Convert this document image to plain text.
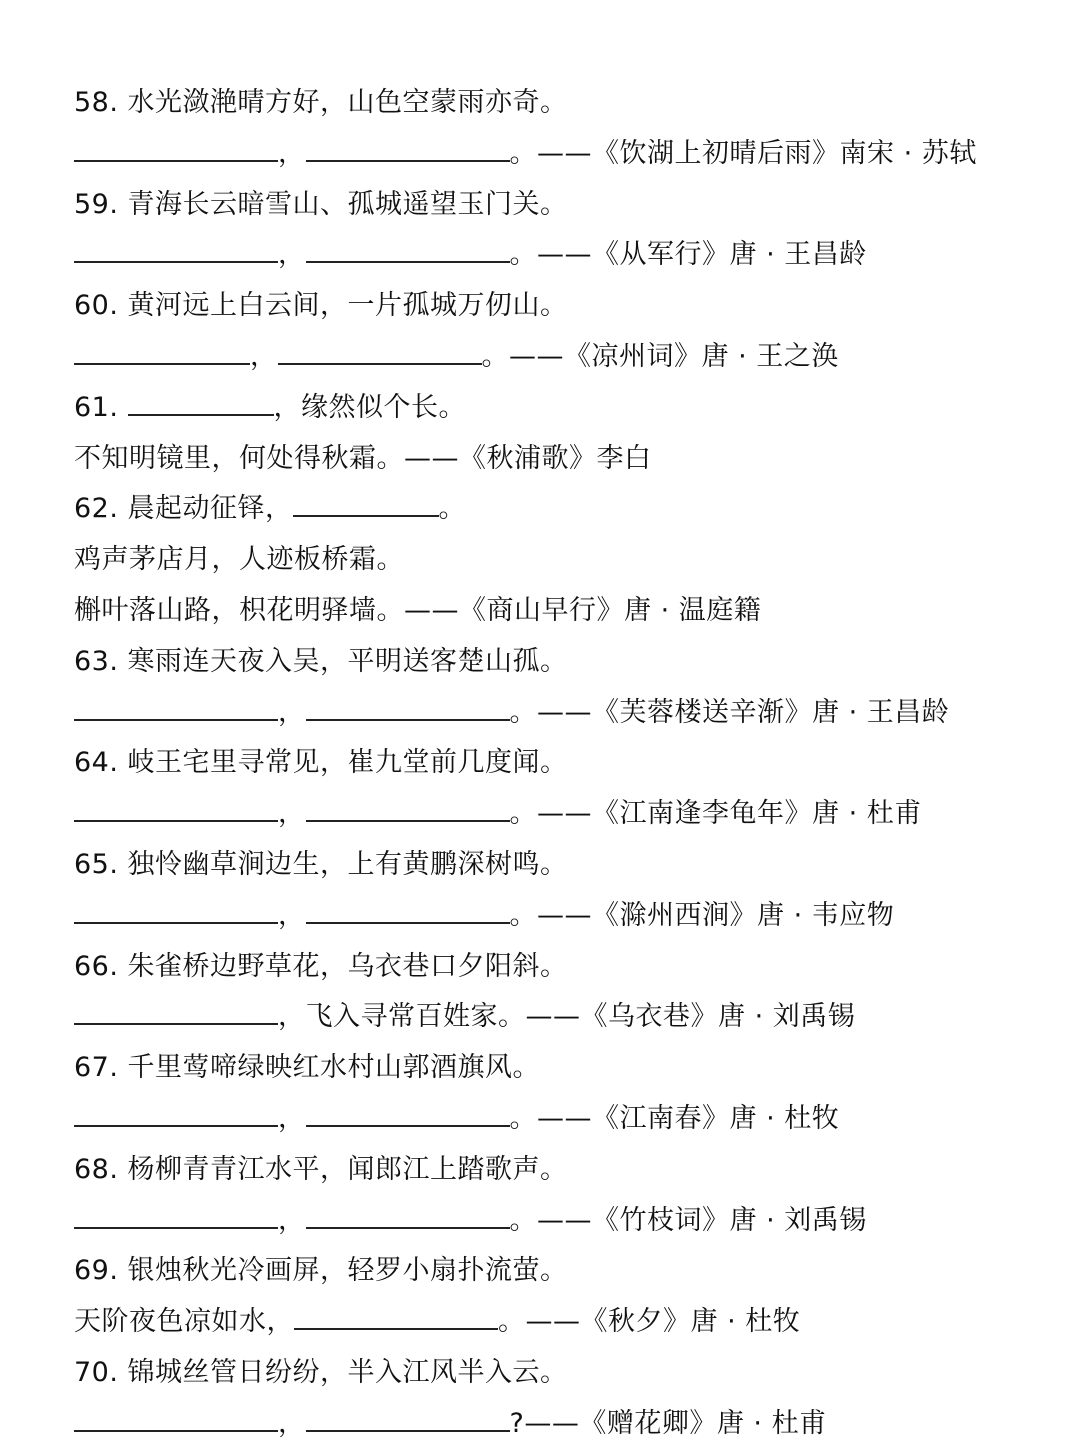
58. 水光潋滟晴方好，山色空蒙雨亦奇。
，	。——《饮湖上初晴后雨》南宋 · 苏轼
59. 青海长云暗雪山、孤城遥望玉门关。
，	。——《从军行》唐 · 王昌龄
60. 黄河远上白云间，一片孤城万仞山。
，	。——《凉州词》唐 · 王之涣
61.	，缘然似个长。
不知明镜里，何处得秋霜。——《秋浦歌》李白
62. 晨起动征铎，	。
鸡声茅店月，人迹板桥霜。
槲叶落山路，枳花明驿墙。——《商山早行》唐 · 温庭籍
63. 寒雨连天夜入吴，平明送客楚山孤。
，	。——《芙蓉楼送辛渐》唐 · 王昌龄
64. 岐王宅里寻常见，崔九堂前几度闻。
，	。——《江南逢李龟年》唐 · 杜甫
65. 独怜幽草涧边生，上有黄鹏深树鸣。
，	。——《滁州西涧》唐 · 韦应物
66. 朱雀桥边野草花，乌衣巷口夕阳斜。
，飞入寻常百姓家。——《乌衣巷》唐 · 刘禹锡
67. 千里莺啼绿映红水村山郭酒旗风。
，	。——《江南春》唐 · 杜牧
68. 杨柳青青江水平，闻郎江上踏歌声。
，	。——《竹枝词》唐 · 刘禹锡
69. 银烛秋光冷画屏，轻罗小扇扑流萤。
天阶夜色凉如水，	。——《秋夕》唐 · 杜牧
70. 锦城丝管日纷纷，半入江风半入云。
，	?——《赠花卿》唐 · 杜甫
